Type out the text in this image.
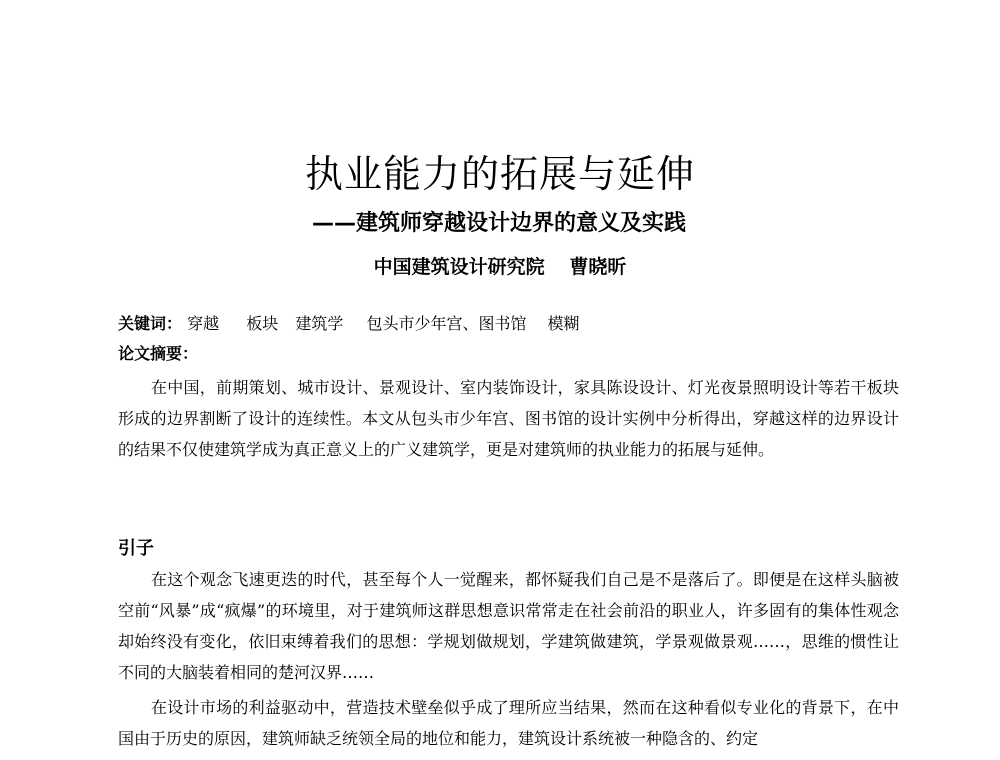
执业能力的拓展与延伸
——建筑师穿越设计边界的意义及实践
中国建筑设计研究院 曹晓昕
关键词： 穿越 板块 建筑学 包头市少年宫、图书馆 模糊
论文摘要：

在中国，前期策划、城市设计、景观设计、室内装饰设计，家具陈设设计、灯光夜景照明设计等若干板块形成的边界割断了设计的连续性。本文从包头市少年宫、图书馆的设计实例中分析得出，穿越这样的边界设计的结果不仅使建筑学成为真正意义上的广义建筑学，更是对建筑师的执业能力的拓展与延伸。

引子

在这个观念飞速更迭的时代，甚至每个人一觉醒来，都怀疑我们自己是不是落后了。即便是在这样头脑被空前“风暴”成“疯爆”的环境里，对于建筑师这群思想意识常常走在社会前沿的职业人，许多固有的集体性观念却始终没有变化，依旧束缚着我们的思想：学规划做规划，学建筑做建筑，学景观做景观……，思维的惯性让不同的大脑装着相同的楚河汉界……

在设计市场的利益驱动中，营造技术壁垒似乎成了理所应当结果，然而在这种看似专业化的背景下，在中国由于历史的原因，建筑师缺乏统领全局的地位和能力，建筑设计系统被一种隐含的、约定
